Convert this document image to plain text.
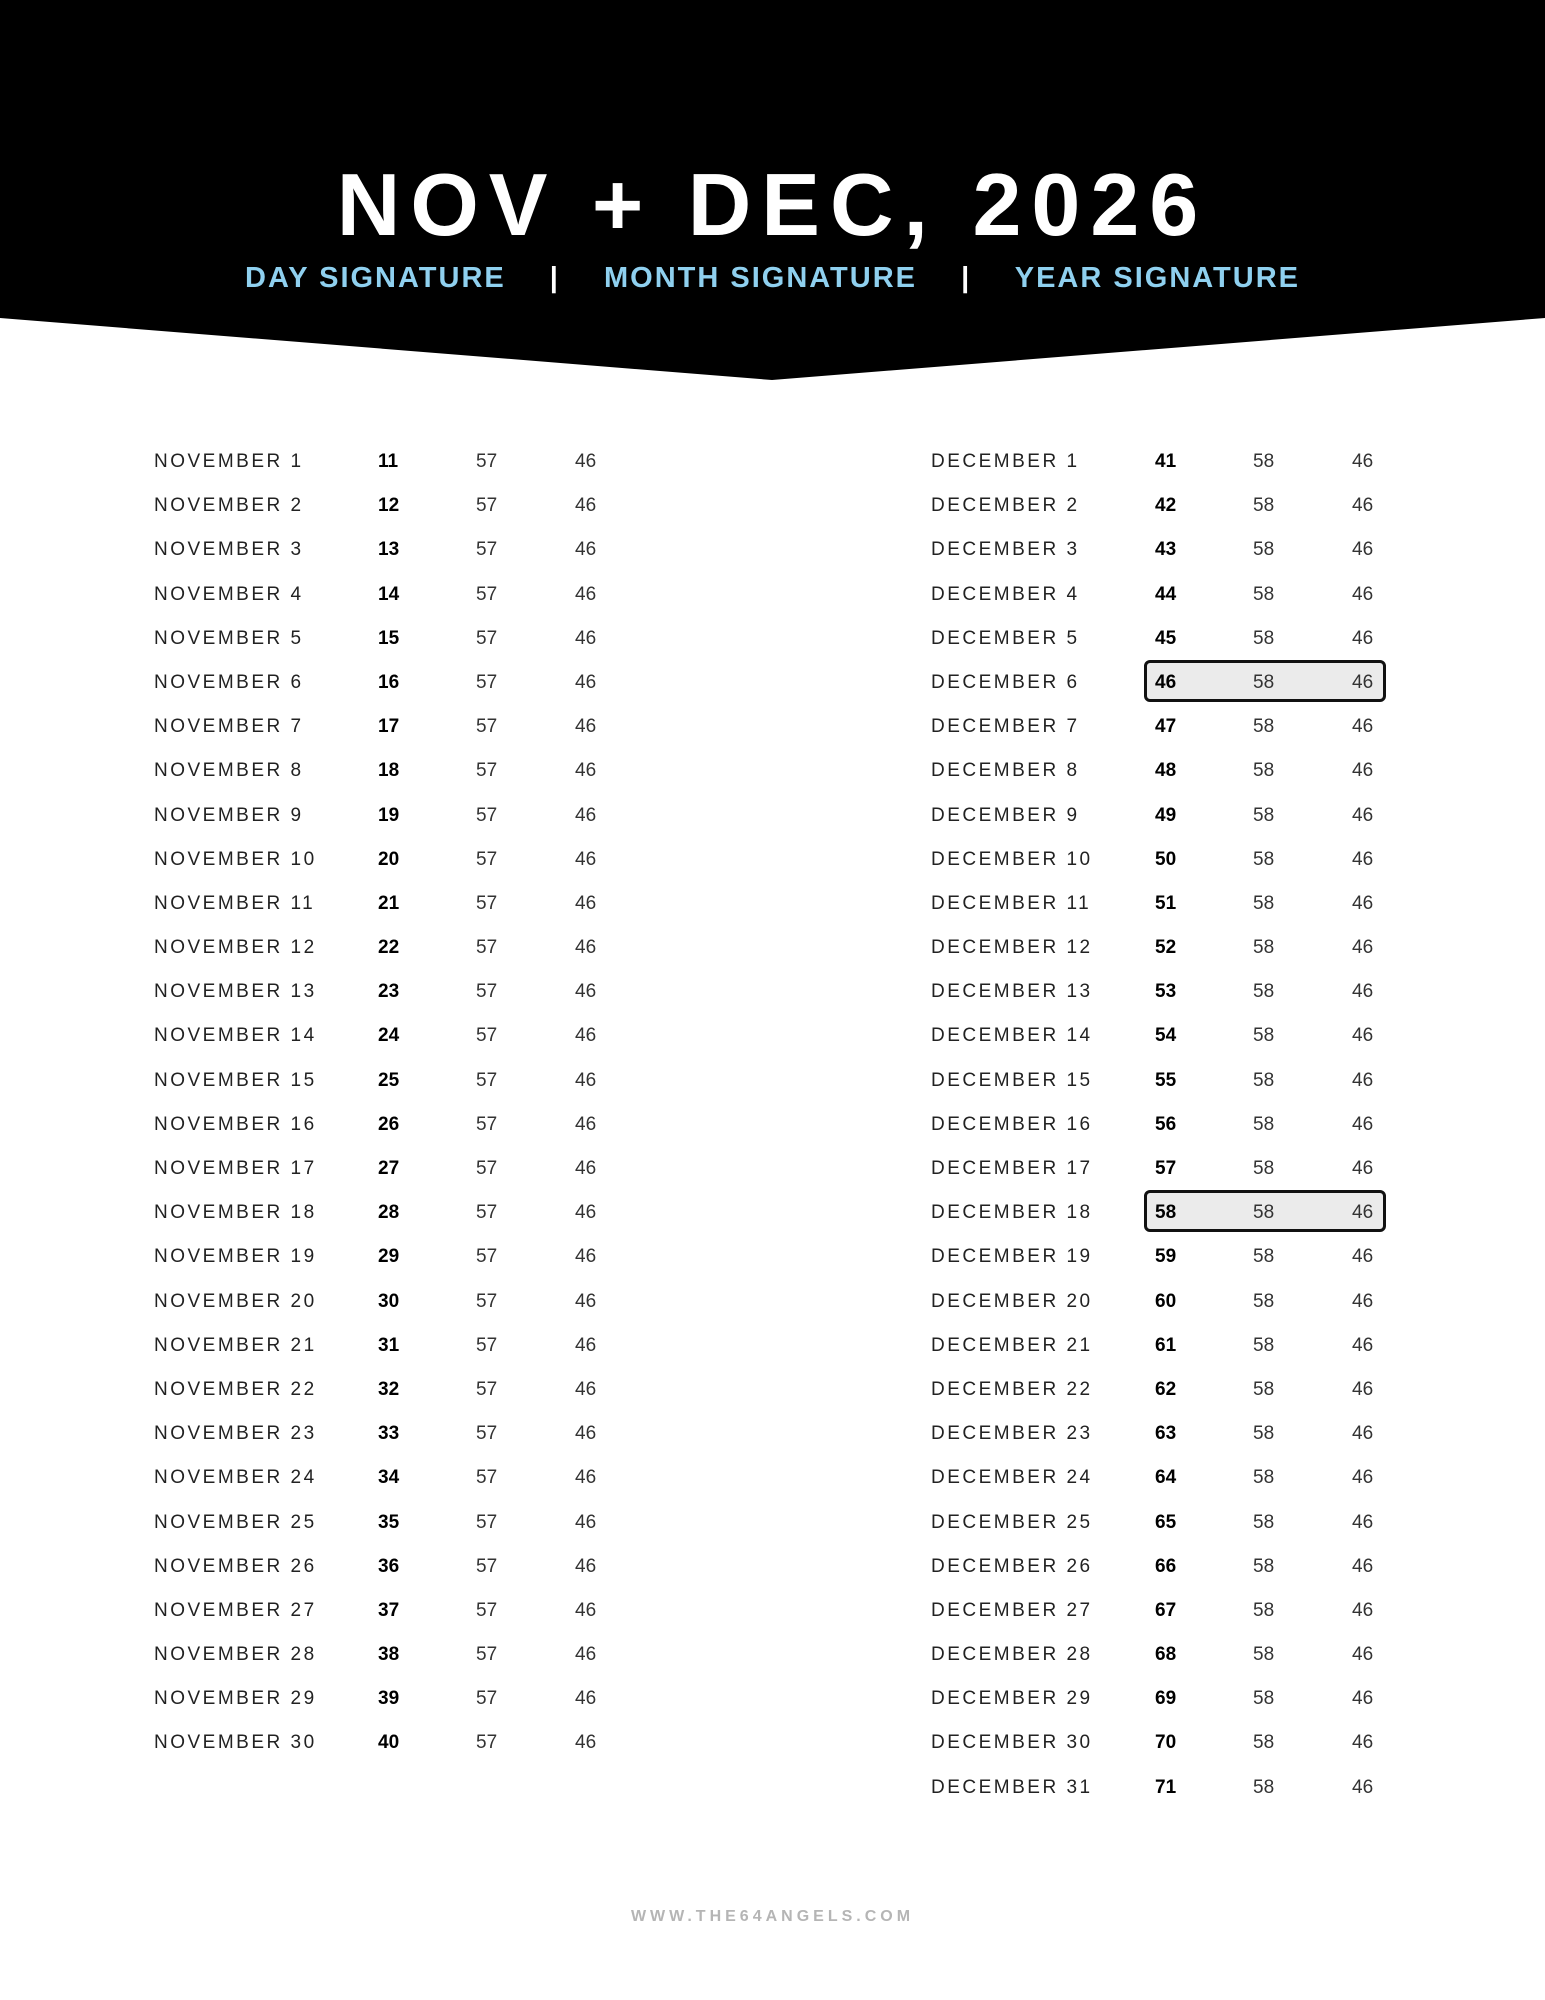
NOV + DEC, 2026
DAY SIGNATURE | MONTH SIGNATURE | YEAR SIGNATURE
NOVEMBER 1	11	57	46
NOVEMBER 2	12	57	46
NOVEMBER 3	13	57	46
NOVEMBER 4	14	57	46
NOVEMBER 5	15	57	46
NOVEMBER 6	16	57	46
NOVEMBER 7	17	57	46
NOVEMBER 8	18	57	46
NOVEMBER 9	19	57	46
NOVEMBER 10	20	57	46
NOVEMBER 11	21	57	46
NOVEMBER 12	22	57	46
NOVEMBER 13	23	57	46
NOVEMBER 14	24	57	46
NOVEMBER 15	25	57	46
NOVEMBER 16	26	57	46
NOVEMBER 17	27	57	46
NOVEMBER 18	28	57	46
NOVEMBER 19	29	57	46
NOVEMBER 20	30	57	46
NOVEMBER 21	31	57	46
NOVEMBER 22	32	57	46
NOVEMBER 23	33	57	46
NOVEMBER 24	34	57	46
NOVEMBER 25	35	57	46
NOVEMBER 26	36	57	46
NOVEMBER 27	37	57	46
NOVEMBER 28	38	57	46
NOVEMBER 29	39	57	46
NOVEMBER 30	40	57	46
DECEMBER 1	41	58	46
DECEMBER 2	42	58	46
DECEMBER 3	43	58	46
DECEMBER 4	44	58	46
DECEMBER 5	45	58	46
DECEMBER 6	46	58	46
DECEMBER 7	47	58	46
DECEMBER 8	48	58	46
DECEMBER 9	49	58	46
DECEMBER 10	50	58	46
DECEMBER 11	51	58	46
DECEMBER 12	52	58	46
DECEMBER 13	53	58	46
DECEMBER 14	54	58	46
DECEMBER 15	55	58	46
DECEMBER 16	56	58	46
DECEMBER 17	57	58	46
DECEMBER 18	58	58	46
DECEMBER 19	59	58	46
DECEMBER 20	60	58	46
DECEMBER 21	61	58	46
DECEMBER 22	62	58	46
DECEMBER 23	63	58	46
DECEMBER 24	64	58	46
DECEMBER 25	65	58	46
DECEMBER 26	66	58	46
DECEMBER 27	67	58	46
DECEMBER 28	68	58	46
DECEMBER 29	69	58	46
DECEMBER 30	70	58	46
DECEMBER 31	71	58	46
WWW.THE64ANGELS.COM
